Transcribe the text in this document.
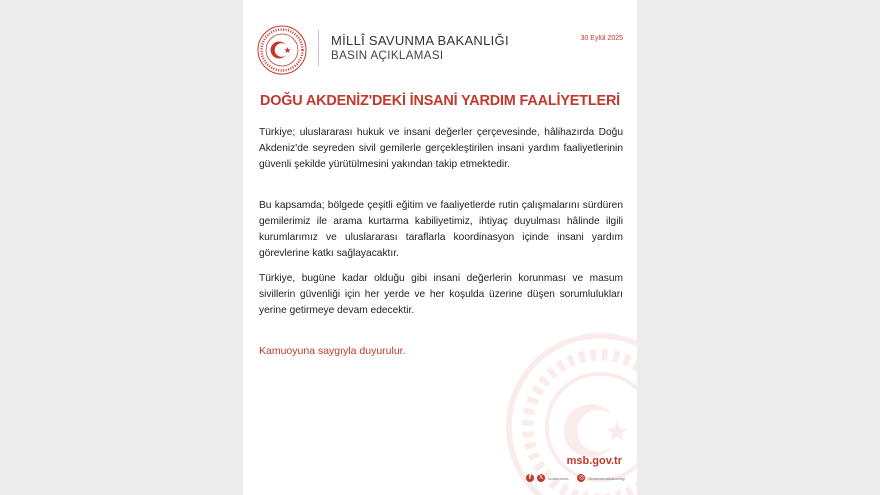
MİLLÎ SAVUNMA BAKANLIĞI
BASIN AÇIKLAMASI
30 Eylül 2025
DOĞU AKDENİZ'DEKİ İNSANİ YARDIM FAALİYETLERİ

Türkiye; uluslararası hukuk ve insani değerler çerçevesinde, hâlihazırda Doğu Akdeniz'de seyreden sivil gemilerle gerçekleştirilen insani yardım faaliyetlerinin güvenli şekilde yürütülmesini yakından takip etmektedir.

Bu kapsamda; bölgede çeşitli eğitim ve faaliyetlerde rutin çalışmalarını sürdüren gemilerimiz ile arama kurtarma kabiliyetimiz, ihtiyaç duyulması hâlinde ilgili kurumlarımız ve uluslararası taraflarla koordinasyon içinde insani yardım görevlerine katkı sağlayacaktır.

Türkiye, bugüne kadar olduğu gibi insani değerlerin korunması ve masum sivillerin güvenliği için her yerde ve her koşulda üzerine düşen sorumlulukları yerine getirmeye devam edecektir.

Kamuoyuna saygıyla duyurulur.
msb.gov.tr
f	𝕏	/tcsavunma ◎	/tcsavunmabakanligi
